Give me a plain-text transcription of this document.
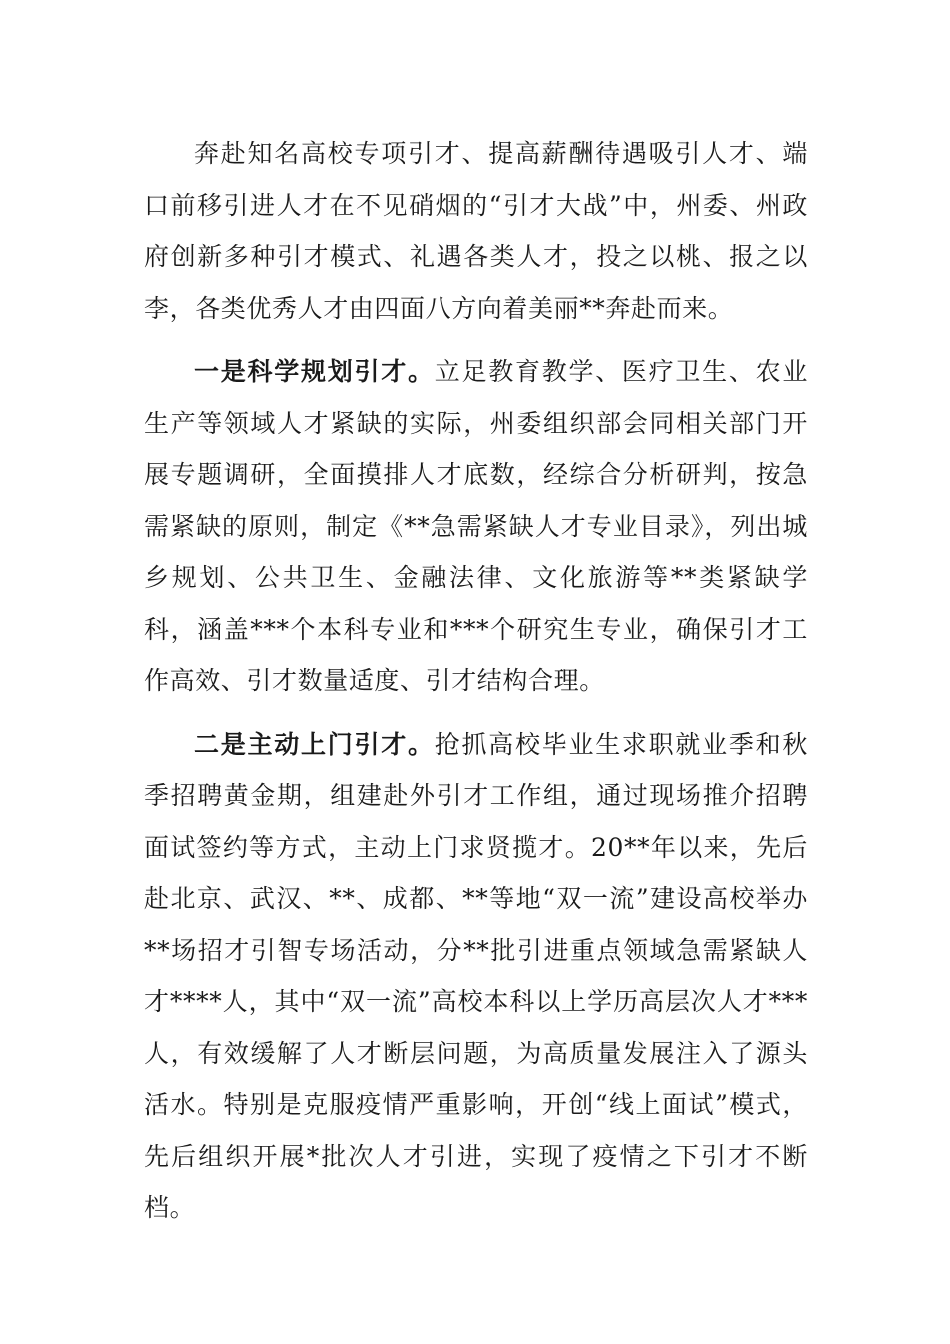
奔赴知名高校专项引才、提高薪酬待遇吸引人才、端口前移引进人才在不见硝烟的“引才大战”中，州委、州政府创新多种引才模式、礼遇各类人才，投之以桃、报之以李，各类优秀人才由四面八方向着美丽**奔赴而来。

一是科学规划引才。立足教育教学、医疗卫生、农业生产等领域人才紧缺的实际，州委组织部会同相关部门开展专题调研，全面摸排人才底数，经综合分析研判，按急需紧缺的原则，制定《**急需紧缺人才专业目录》，列出城乡规划、公共卫生、金融法律、文化旅游等**类紧缺学科，涵盖***个本科专业和***个研究生专业，确保引才工作高效、引才数量适度、引才结构合理。

二是主动上门引才。抢抓高校毕业生求职就业季和秋季招聘黄金期，组建赴外引才工作组，通过现场推介招聘面试签约等方式，主动上门求贤揽才。20**年以来，先后赴北京、武汉、**、成都、**等地“双一流”建设高校举办**场招才引智专场活动，分**批引进重点领域急需紧缺人才****人，其中“双一流”高校本科以上学历高层次人才***人，有效缓解了人才断层问题，为高质量发展注入了源头活水。特别是克服疫情严重影响，开创“线上面试”模式，先后组织开展*批次人才引进，实现了疫情之下引才不断档。
